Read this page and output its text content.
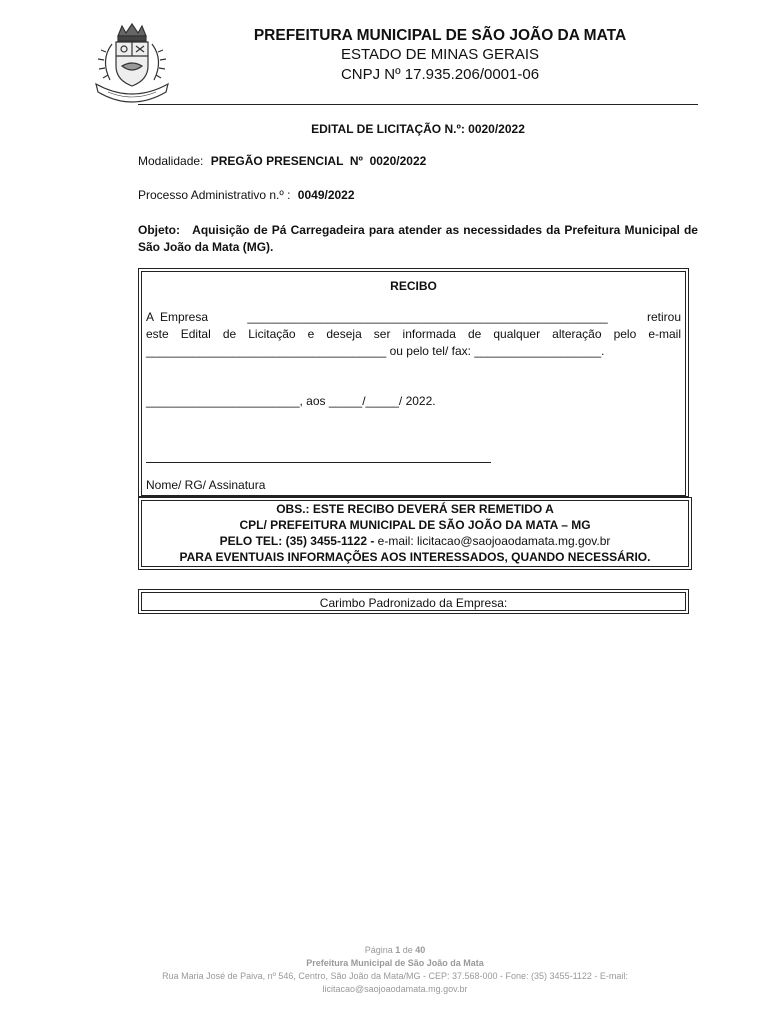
PREFEITURA MUNICIPAL DE SÃO JOÃO DA MATA
ESTADO DE MINAS GERAIS
CNPJ Nº 17.935.206/0001-06
EDITAL DE LICITAÇÃO N.º: 0020/2022
Modalidade: PREGÃO PRESENCIAL  Nº  0020/2022
Processo Administrativo n.º : 0049/2022
Objeto: Aquisição de Pá Carregadeira para atender as necessidades da Prefeitura Municipal de São João da Mata (MG).
RECIBO
A  Empresa	______________________________________________________	retirou
este  Edital  de  Licitação  e  deseja  ser  informada  de  qualquer  alteração  pelo  e-mail
____________________________________ ou pelo tel/ fax: ___________________.
_______________________, aos _____/_____/ 2022.
Nome/ RG/ Assinatura
OBS.: ESTE RECIBO DEVERÁ SER REMETIDO A
CPL/ PREFEITURA MUNICIPAL DE SÃO JOÃO DA MATA – MG
PELO TEL: (35) 3455-1122 - e-mail: licitacao@saojoaodamata.mg.gov.br
PARA EVENTUAIS INFORMAÇÕES AOS INTERESSADOS, QUANDO NECESSÁRIO.
Carimbo Padronizado da Empresa:
Página 1 de 40
Prefeitura Municipal de São João da Mata
Rua Maria José de Paiva, nº 546, Centro, São João da Mata/MG - CEP: 37.568-000 - Fone: (35) 3455-1122 - E-mail:
licitacao@saojoaodamata.mg.gov.br
